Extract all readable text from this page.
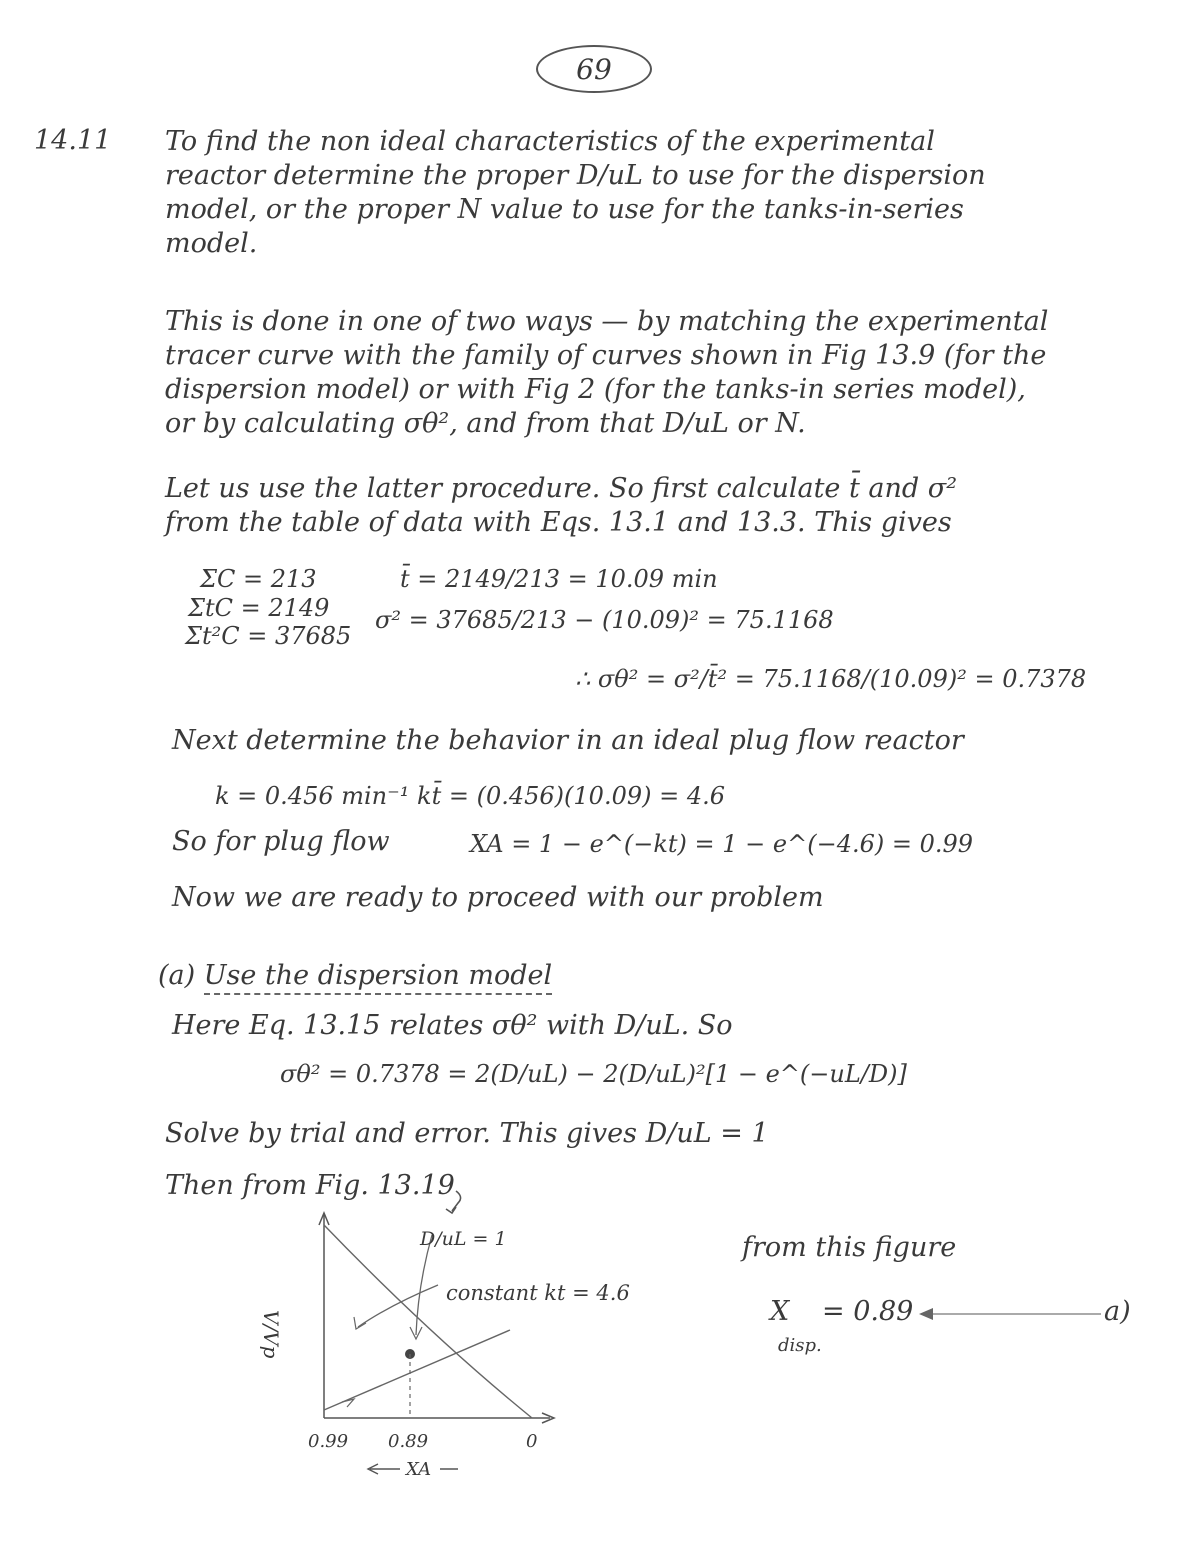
69
14.11 To find the non ideal characteristics of the experimental
reactor determine the proper D/uL to use for the dispersion
model, or the proper N value to use for the tanks-in-series
model.
This is done in one of two ways — by matching the experimental
tracer curve with the family of curves shown in Fig 13.9 (for the
dispersion model) or with Fig 2 (for the tanks-in series model),
or by calculating σθ², and from that D/uL or N.
Let us use the latter procedure. So first calculate t̄ and σ²
from the table of data with Eqs. 13.1 and 13.3. This gives
ΣC = 213
ΣtC = 2149
Σt²C = 37685
t̄ = 2149/213 = 10.09 min
σ² = 37685/213 − (10.09)² = 75.1168
∴ σθ² = σ²/t̄² = 75.1168/(10.09)² = 0.7378
Next determine the behavior in an ideal plug flow reactor
k = 0.456 min⁻¹ kt̄ = (0.456)(10.09) = 4.6
So for plug flow	XA = 1 − e^(−kt) = 1 − e^(−4.6) = 0.99
Now we are ready to proceed with our problem
(a) Use the dispersion model
Here Eq. 13.15 relates σθ² with D/uL. So
σθ² = 0.7378 = 2(D/uL) − 2(D/uL)²[1 − e^(−uL/D)]
Solve by trial and error. This gives D/uL = 1
Then from Fig. 13.19
V/Vp
D/uL = 1
constant kt = 4.6
0.99 0.89	0
XA
from this figure
X
disp.
= 0.89	a)
